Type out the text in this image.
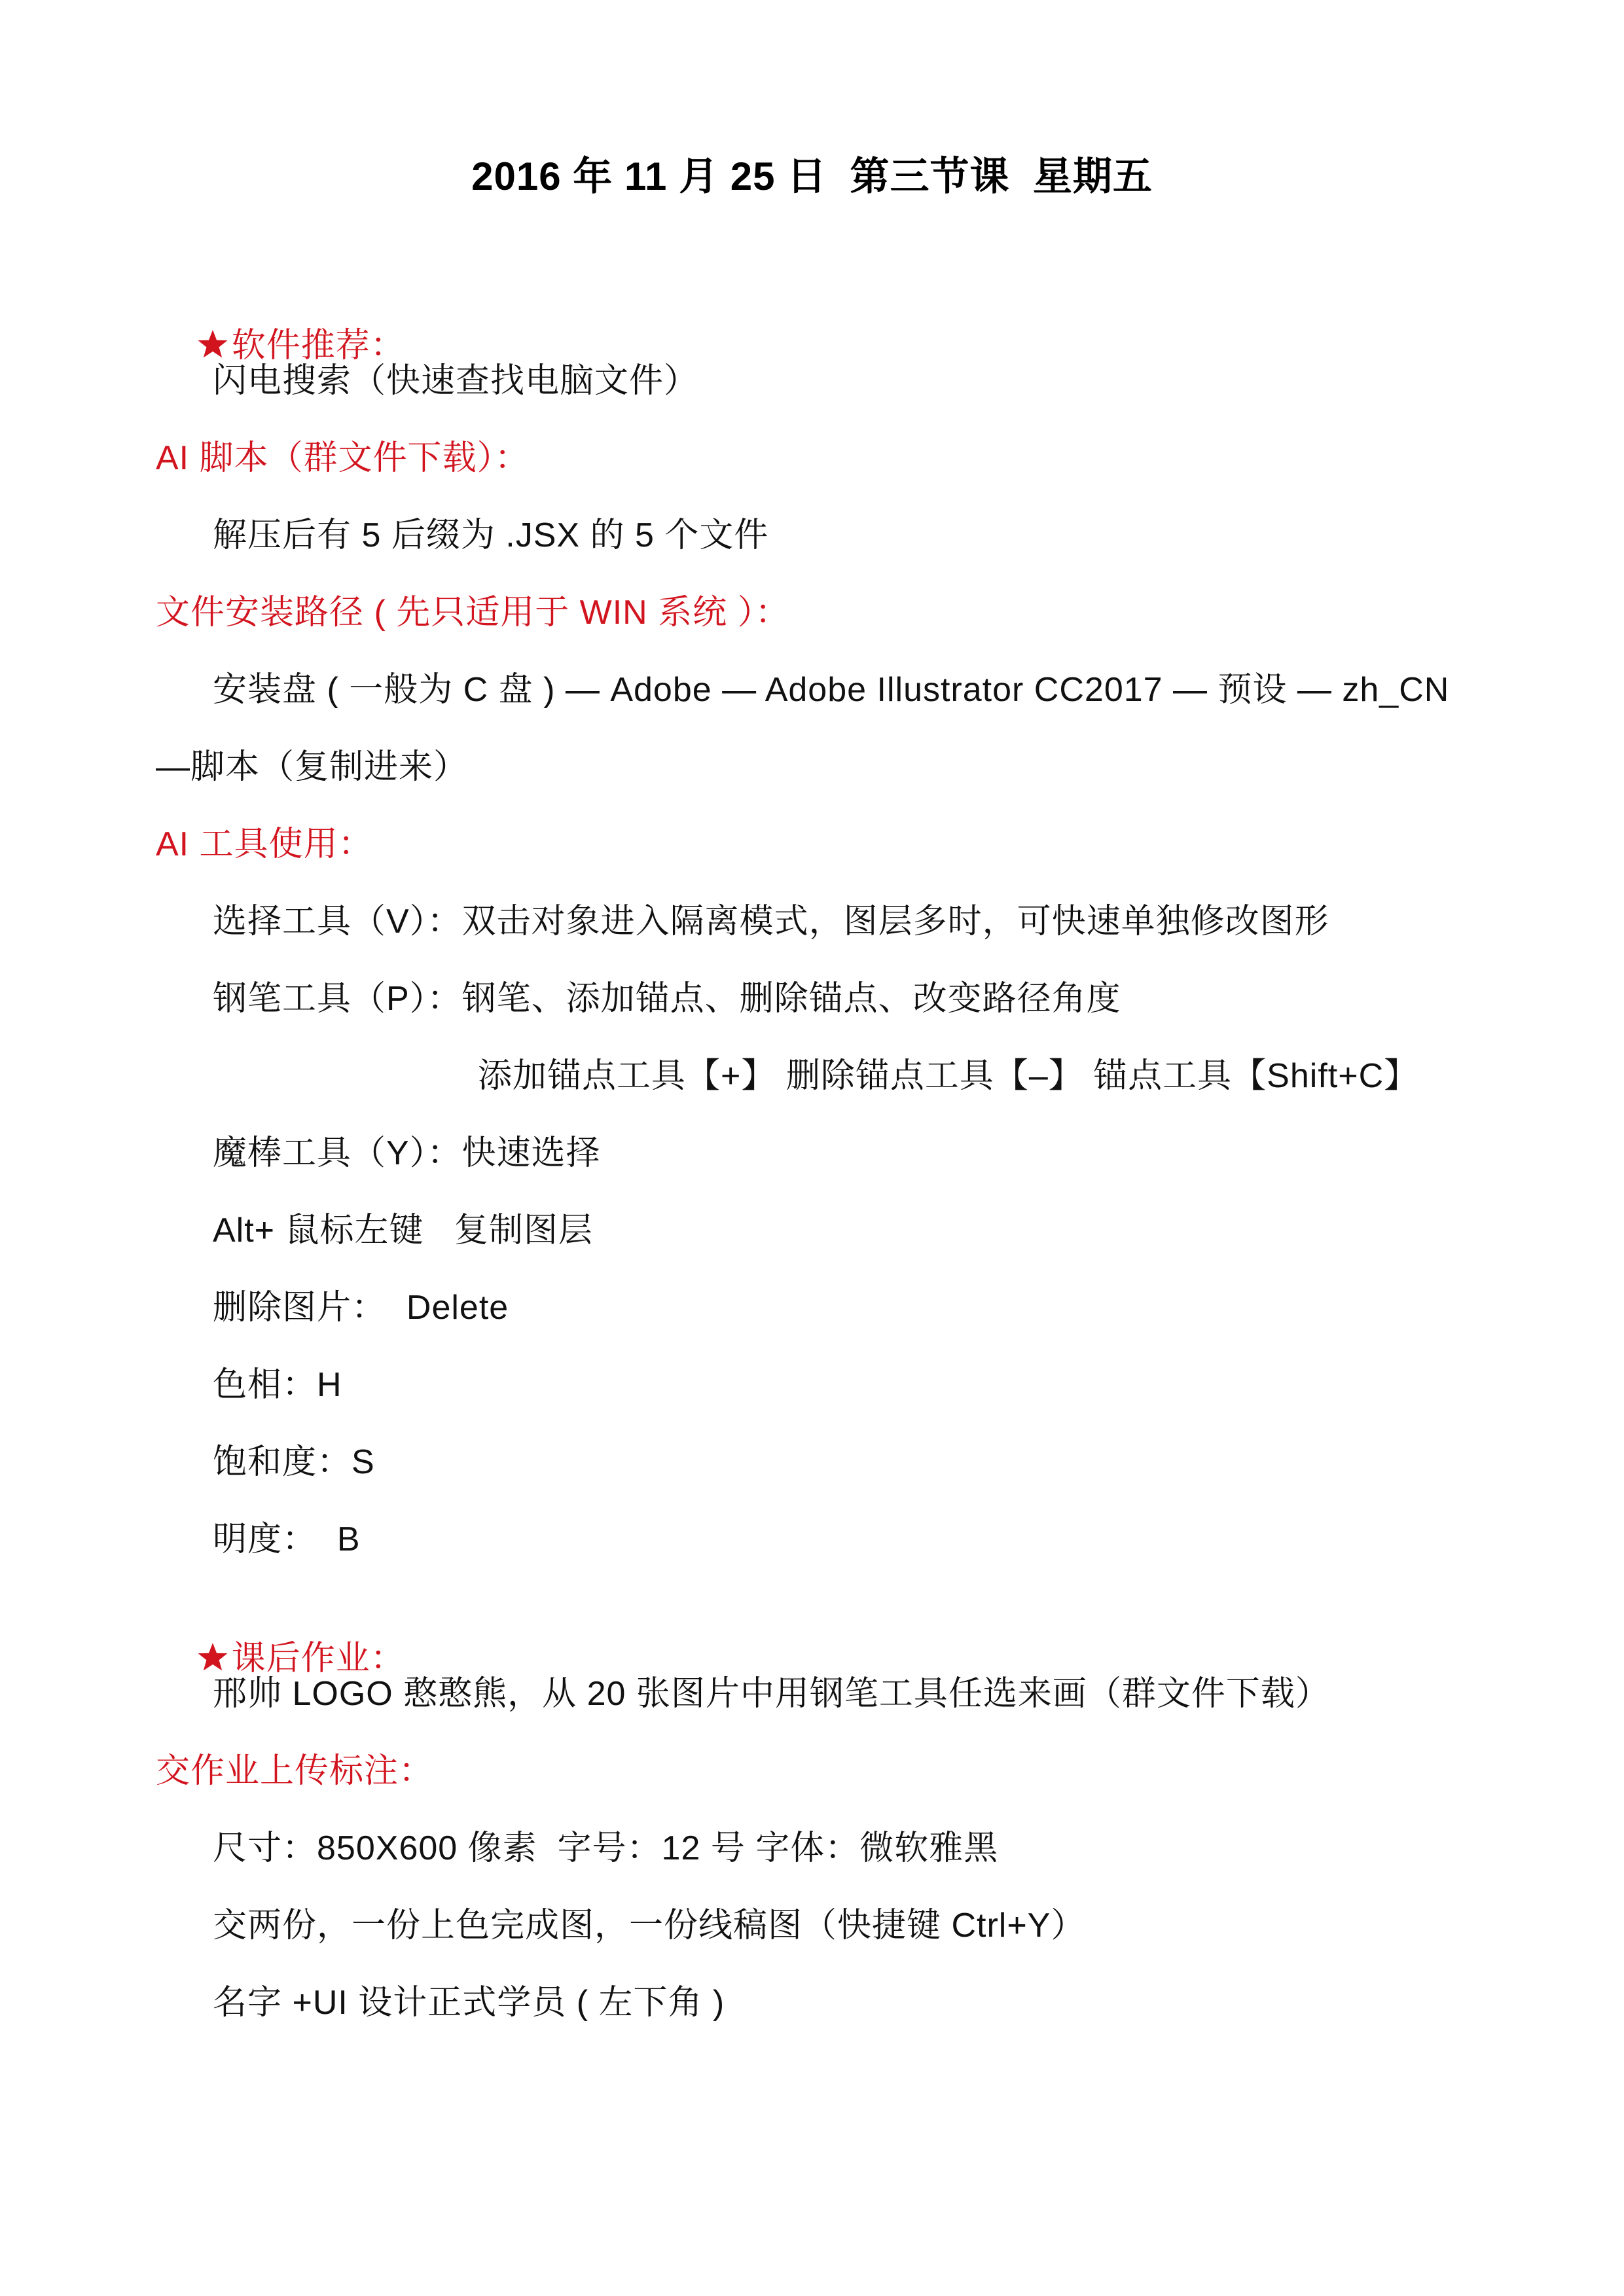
2016 年 11 月 25 日  第三节课  星期五

软件推荐：

闪电搜索（快速查找电脑文件）
AI 脚本（群文件下载）：
解压后有 5 后缀为 .JSX 的 5 个文件
文件安装路径 ( 先只适用于 WIN 系统 ）：
安装盘 ( 一般为 C 盘 ) — Adobe — Adobe Illustrator CC2017 — 预设 — zh_CN
—脚本（复制进来）
AI 工具使用：
选择工具（V）：双击对象进入隔离模式，图层多时，可快速单独修改图形
钢笔工具（P）：钢笔、添加锚点、删除锚点、改变路径角度
添加锚点工具【+】 删除锚点工具【–】 锚点工具【Shift+C】
魔棒工具（Y）：快速选择
Alt+ 鼠标左键   复制图层
删除图片：  Delete
色相：H
饱和度：S
明度：  B

课后作业：

邢帅 LOGO 憨憨熊，从 20 张图片中用钢笔工具任选来画（群文件下载）
交作业上传标注：
尺寸：850X600 像素  字号：12 号 字体：微软雅黑
交两份，一份上色完成图，一份线稿图（快捷键 Ctrl+Y）
名字 +UI 设计正式学员 ( 左下角 )
